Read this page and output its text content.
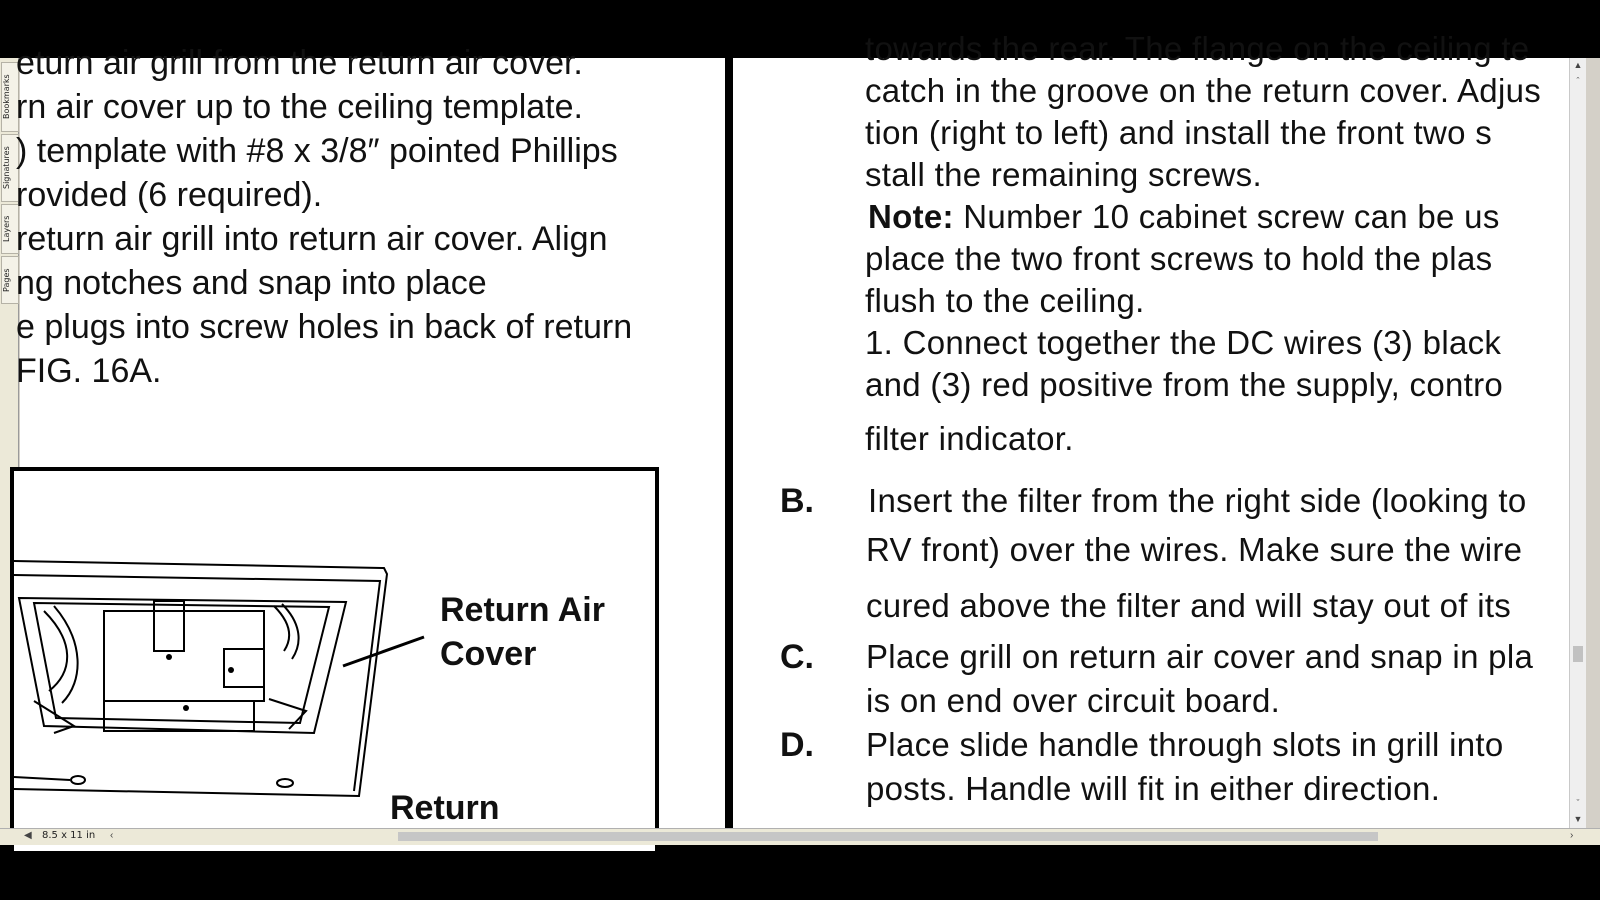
Bookmarks
Signatures
Layers
Pages
eturn air grill from the return air cover.
rn air cover up to the ceiling template.
) template with #8 x 3/8″ pointed Phillips
rovided (6 required).
return air grill into return air cover. Align
ng notches and snap into place
e plugs into screw holes in back of return
FIG. 16A.
Return Air
Cover
Return
towards the rear. The flange on the ceiling te
catch in the groove on the return cover. Adjus
tion (right to left) and install the front two s
stall the remaining screws.
Note: Number 10 cabinet screw can be us
place the two front screws to hold the plas
flush to the ceiling.
1. Connect together the DC wires (3) black
and (3) red positive from the supply, contro
filter indicator.
B. Insert the filter from the right side (looking to
RV front) over the wires. Make sure the wire
cured above the filter and will stay out of its
C. Place grill on return air cover and snap in pla
is on end over circuit board.
D. Place slide handle through slots in grill into
posts. Handle will fit in either direction.
▲
ˆ
ˇ
▼
◀ 8.5 x 11 in ‹	›
